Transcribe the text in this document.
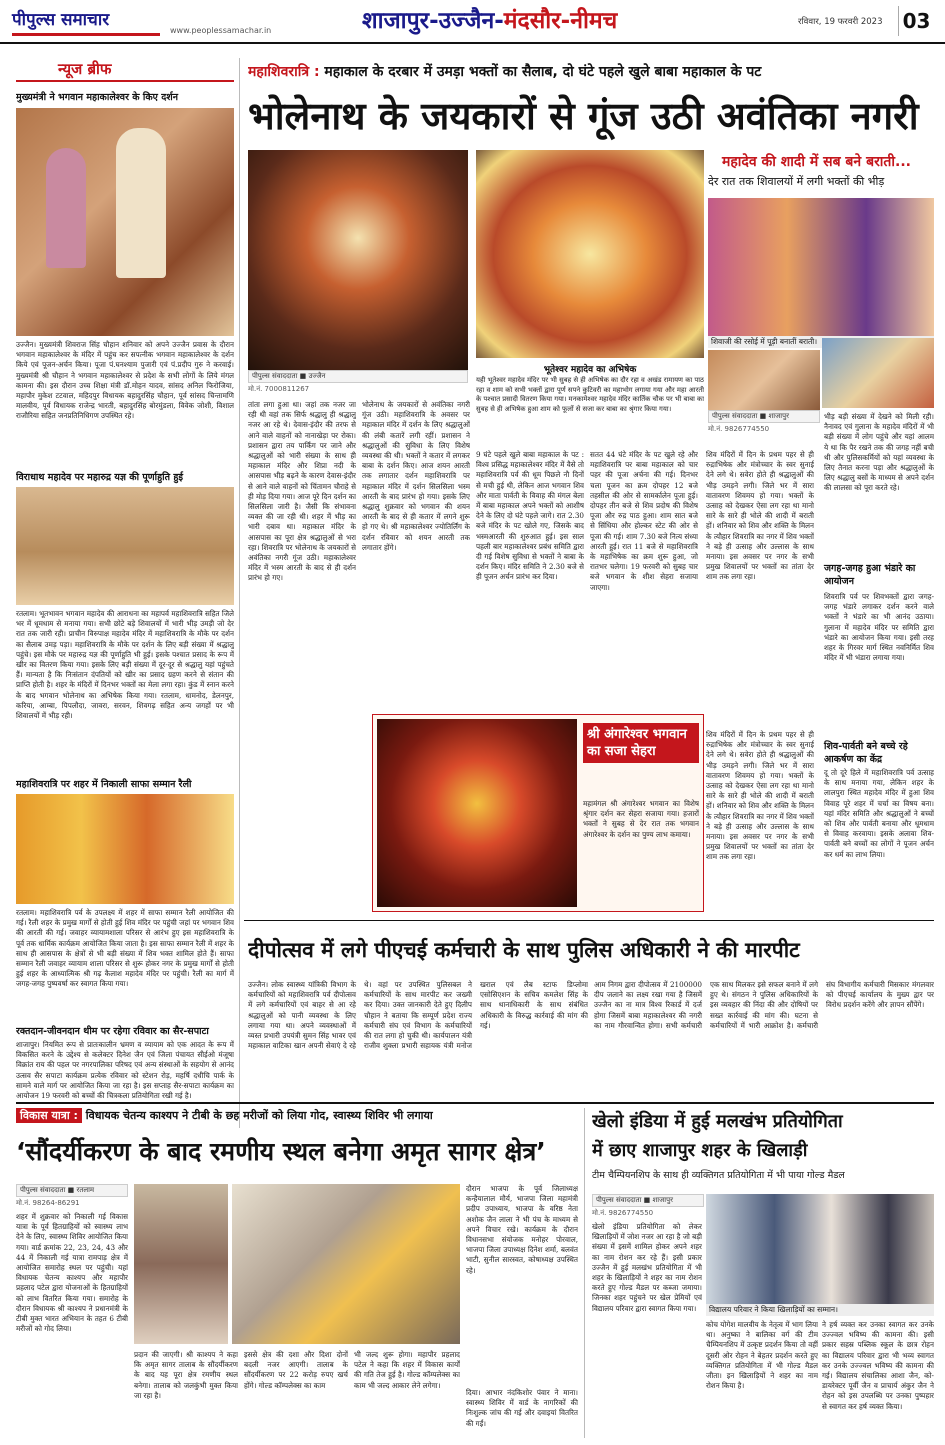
पीपुल्स समाचार
www.peoplessamachar.in	शाजापुर-उज्जैन-मंदसौर-नीमच	रविवार, 19 फरवरी 2023 03
न्यूज ब्रीफ
मुख्यमंत्री ने भगवान महाकालेश्वर के किए दर्शन
उज्जैन। मुख्यमंत्री शिवराज सिंह चौहान शनिवार को अपने उज्जैन प्रवास के दौरान भगवान महाकालेश्वर के मंदिर में पहुंच कर सपत्नीक भगवान महाकालेश्वर के दर्शन किये एवं पूजन-अर्चन किया। पूजा पं.घनश्याम पुजारी एवं पं.प्रदीप गुरु ने करवाई। मुख्यमंत्री श्री चौहान ने भगवान महाकालेश्वर से प्रदेश के सभी लोगों के लिये मंगल कामना की। इस दौरान उच्च शिक्षा मंत्री डॉ.मोहन यादव, सांसद अनिल फिरोजिया, महापौर मुकेश टटवाल, महिदपुर विधायक बहादुरसिंह चौहान, पूर्व सांसद चिन्तामणि मालवीय, पूर्व विधायक राजेन्द्र भारती, बहादुरसिंह बोरमुंडला, विवेक जोशी, विशाल राजौरिया सहित जनप्रतिनिधिगण उपस्थित रहे।
विराधाथ महादेव पर महारुद्र यज्ञ की पूर्णाहुति हुई
रतलाम। भूतभावन भगवान महादेव की आराधना का महापर्व महाशिवरात्रि सहित जिले भर में धूमधाम से मनाया गया। सभी छोटे बड़े शिवालयों में भारी भीड़ उमड़ी जो देर रात तक जारी रही। प्राचीन विरुपाक्ष महादेव मंदिर में महाशिवरात्रि के मौके पर दर्शन का सैलाब उमड़ पड़ा। महाशिवरात्रि के मौके पर दर्शन के लिए बड़ी संख्या में श्रद्धालु पहुंचे। इस मौके पर महारुद्र यज्ञ की पूर्णाहुति भी हुई। इसके पश्चात प्रसाद के रूप में खीर का वितरण किया गया। इसके लिए बड़ी संख्या में दूर-दूर से श्रद्धालु यहां पहुंचते हैं। मान्यता है कि निःसंतान दंपतियों को खीर का प्रसाद ग्रहण करने से संतान की प्राप्ति होती है। शहर के मंदिरों में दिनभर भक्तों का मेला लगा रहा। कुंड में स्नान करने के बाद भगवान भोलेनाथ का अभिषेक किया गया। रतलाम, धामनोद, डेलनपुर, करिया, आम्बा, पिपलौदा, जावरा, सरवन, शिवगढ़ सहित अन्य जगहों पर भी शिवालयों में भीड़ रही।
महाशिवरात्रि पर शहर में निकाली साफा सम्मान रैली
रतलाम। महाशिवरात्रि पर्व के उपलक्ष्य में शहर में साफा सम्मान रैली आयोजित की गई। रैली शहर के प्रमुख मार्गों से होती हुई शिव मंदिर पर पहुंची जहां पर भगवान शिव की आरती की गई। जवाहर व्यायामशाला परिसर से आरंभ हुए इस महाशिवरात्रि के पूर्व तक धार्मिक कार्यक्रम आयोजित किया जाता है। इस साफा सम्मान रैली में शहर के साथ ही आसपास के क्षेत्रों से भी बड़ी संख्या में शिव भक्त शामिल होते हैं। साफा सम्मान रैली जवाहर व्यायाम शाला परिसर से शुरू होकर नगर के प्रमुख मार्गों से होती हुई शहर के आध्यात्मिक श्री गढ़ कैलाश महादेव मंदिर पर पहुंची। रैली का मार्ग में जगह-जगह पुष्पवर्षा कर स्वागत किया गया।
रक्तदान-जीवनदान थीम पर रहेगा रविवार का सैर-सपाटा
शाजापुर। नियमित रूप से प्रातःकालीन भ्रमण व व्यायाम को एक आदत के रूप में विकसित करने के उद्देश्य से कलेक्टर दिनेश जैन एवं जिला पंचायत सीईओ मंजूषा विक्रांत राय की पहल पर नगरपालिका परिषद एवं अन्य संस्थाओं के सहयोग से आनंद उत्सव सैर सपाटा कार्यक्रम प्रत्येक रविवार को स्टेशन रोड़, महर्षि दधीचि पार्क के सामने वाले मार्ग पर आयोजित किया जा रहा है। इस सप्ताह सैर-सपाटा कार्यक्रम का आयोजन 19 फरवरी को बच्चों की चित्रकला प्रतियोगिता रखी गई है।
महाशिवरात्रि : महाकाल के दरबार में उमड़ा भक्तों का सैलाब, दो घंटे पहले खुले बाबा महाकाल के पट
भोलेनाथ के जयकारों से गूंज उठी अवंतिका नगरी
पीपुल्स संवाददाता ■ उज्जैन
मो.नं. 7000811267
भूतेश्वर महादेव का अभिषेक
यही भूतेश्वर महादेव मंदिर पर भी सुबह से ही अभिषेक का दौर रहा व अखंड रामायण का पाठ रहा व शाम को सभी भक्तों द्वारा पूर्ण सपने कुटिवरी का महाभोग लगाया गया और महा आरती के पश्चात प्रसादी वितरण किया गया। मनकामेश्वर महादेव मंदिर कार्तिक चौक पर भी बाबा का सुबह से ही अभिषेक हुआ शाम को फूलों से सजा कर बाबा का श्रृंगार किया गया।
तांता लगा हुआ था। जहां तक नजर जा रही थी वहां तक सिर्फ श्रद्धालु ही श्रद्धालु नजर आ रहे थे। देवास-इंदौर की तरफ से आने वाले वाहनों को नानाखेड़ा पर रोका। प्रशासन द्वारा तय पार्किंग पर जाने और श्रद्धालुओं को भारी संख्या के साथ ही महाकाल मंदिर और शिप्रा नदी के आसपास भीड़ बढ़ने के कारण देवास-इंदौर से आने वाले वाहनों को चिंतामन चौराहे से ही मोड़ दिया गया। आज पूरे दिन दर्शन का सिलसिला जारी है। जैसी कि संभावना व्यक्त की जा रही थी। शहर में भीड़ का भारी दबाव था। महाकाल मंदिर के आसपास का पूरा क्षेत्र श्रद्धालुओं से भरा रहा। शिवरात्रि पर भोलेनाथ के जयकारों से अवंतिका नगरी गूंज उठी। महाकालेश्वर मंदिर में भस्म आरती के बाद से ही दर्शन प्रारंभ हो गए।
भोलेनाथ के जयकारों से अवंतिका नगरी गूंज उठी। महाशिवरात्रि के अवसर पर महाकाल मंदिर में दर्शन के लिए श्रद्धालुओं की लंबी कतारें लगी रहीं। प्रशासन ने श्रद्धालुओं की सुविधा के लिए विशेष व्यवस्था की थी। भक्तों ने कतार में लगकर बाबा के दर्शन किए। आज शयन आरती तक लगातार दर्शन महाशिवरात्रि पर महाकाल मंदिर में दर्शन सिलसिला भस्म आरती के बाद प्रारंभ हो गया। इसके लिए श्रद्धालु शुक्रवार को भगवान की शयन आरती के बाद से ही कतार में लगने शुरू हो गए थे। श्री महाकालेश्वर ज्योतिर्लिंग के दर्शन रविवार को शयन आरती तक लगातार होंगे।
9 घंटे पहले खुले बाबा महाकाल के पट : विश्व प्रसिद्ध महाकालेश्वर मंदिर में वैसे तो महाशिवरात्रि पर्व की धूम पिछले नौ दिनों से मची हुई थी, लेकिन आज भगवान शिव और माता पार्वती के विवाह की मंगल बेला में बाबा महाकाल अपने भक्तों को आशीष देने के लिए दो घंटे पहले जागे। रात 2.30 बजे मंदिर के पट खोले गए, जिसके बाद भस्मआरती की शुरुआत हुई। इस साल पहली बार महाकालेश्वर प्रबंध समिति द्वारा दी गई विशेष सुविधा से भक्तों ने बाबा के दर्शन किए। मंदिर समिति ने 2.30 बजे से ही पूजन अर्चन प्रारंभ कर दिया।
सतत 44 घंटे मंदिर के पट खुले रहे और महाशिवरात्रि पर बाबा महाकाल को चार पहर की पूजा अर्चना की गई। दिनभर चला पूजन का क्रम दोपहर 12 बजे तहसील की ओर से सामर्कालेन पूजा हुई। दोपहर तीन बजे से शिव प्रदोष की विशेष पूजा और रुद्र पाठ हुआ। शाम सात बजे से सिंधिया और होल्कर स्टेट की ओर से पूजा की गई। शाम 7.30 बजे नित्य संध्या आरती हुई। रात 11 बजे से महाशिवरात्रि के महाभिषेक का क्रम शुरू हुआ, जो रातभर चलेगा। 19 फरवरी को सुबह चार बजे भगवान के शीश सेहरा सजाया जाएगा।
शिव मंदिरों में दिन के प्रथम पहर से ही रुद्राभिषेक और मंत्रोच्चार के स्वर सुनाई देने लगे थे। सवेरा होते ही श्रद्धालुओं की भीड़ उमड़ने लगी। जिले भर में सारा वातावरण शिवमय हो गया। भक्तों के उत्साह को देखकर ऐसा लग रहा था मानो सारे के सारे ही भोले की शादी में बराती हों। शनिवार को शिव और शक्ति के मिलन के त्यौहार शिवरात्रि का नगर में शिव भक्तों ने बड़े ही उत्साह और उल्लास के साथ मनाया। इस अवसर पर नगर के सभी प्रमुख शिवालयों पर भक्तों का तांता देर शाम तक लगा रहा।
श्री अंगारेश्वर भगवान का सजा सेहरा
महामंगल श्री अंगारेश्वर भगवान का विशेष श्रृंगार दर्शन कर सेहरा सजाया गया। हजारों भक्तों ने सुबह से देर रात तक भगवान अंगारेश्वर के दर्शन का पुण्य लाभ कमाया।
शिव मंदिरों में दिन के प्रथम पहर से ही रुद्राभिषेक और मंत्रोच्चार के स्वर सुनाई देने लगे थे। सवेरा होते ही श्रद्धालुओं की भीड़ उमड़ने लगी। जिले भर में सारा वातावरण शिवमय हो गया। भक्तों के उत्साह को देखकर ऐसा लग रहा था मानो सारे के सारे ही भोले की शादी में बराती हों। शनिवार को शिव और शक्ति के मिलन के त्यौहार शिवरात्रि का नगर में शिव भक्तों ने बड़े ही उत्साह और उल्लास के साथ मनाया। इस अवसर पर नगर के सभी प्रमुख शिवालयों पर भक्तों का तांता देर शाम तक लगा रहा।
महादेव की शादी में सब बने बराती...
देर रात तक शिवालयों में लगी भक्तों की भीड़
शिवाजी की रसोई में पूड़ी बनातीं बराती।
पीपुल्स संवाददाता ■ शाजापुर
मो.नं. 9826774550
भीड़ बड़ी संख्या में देखने को मिली रही। नैनावद एवं गुलाना के महादेव मंदिरों में भी बड़ी संख्या में लोग पहुंचे और यहां आलम ये था कि पैर रखने तक की जगह नहीं बची थी और पुलिसकर्मियों को यहां व्यवस्था के लिए तैनात करना पड़ा और श्रद्धालुओं के लिए श्रद्धालु बसों के माध्यम से अपने दर्शन की लालसा को पूरा करते रहे।
जगह-जगह हुआ भंडारे का आयोजन
शिवरात्रि पर्व पर शिवभक्तों द्वारा जगह-जगह भंडारे लगाकर दर्शन करने वाले भक्तों ने भंडारे का भी आनंद उठाया। गुलाना में महादेव मंदिर पर समिति द्वारा भंडारे का आयोजन किया गया। इसी तरह शहर के गिरवर मार्ग स्थित नवनिर्मित शिव मंदिर में भी भंडारा लगाया गया।
शिव-पार्वती बने बच्चे रहे आकर्षण का केंद्र
दू तो दूरे हिले में महाशिवरात्रि पर्व उत्साह के साथ मनाया गया, लेकिन शहर के लालपुरा स्थित महादेव मंदिर में हुआ शिव विवाह पूरे शहर में चर्चा का विषय बना। यहां मंदिर समिति और श्रद्धालुओं ने बच्चों को शिव और पार्वती बनाया और धूमधाम से विवाह करवाया। इसके अलावा शिव-पार्वती बने बच्चों का लोगों ने पूजन अर्चन कर धर्म का लाभ लिया।
दीपोत्सव में लगे पीएचई कर्मचारी के साथ पुलिस अधिकारी ने की मारपीट
उज्जैन। लोक स्वास्थ्य यांत्रिकी विभाग के कर्मचारियों को महाशिवरात्रि पर्व दीपोत्सव में लगे कर्मचारियों एवं बाहर से आ रहे श्रद्धालुओं को पानी व्यवस्था के लिए लगाया गया था। अपने व्यवस्थाओं में व्यस्त प्रभारी उपयंत्री सुमन सिंह भावर एवं महाकाल वाटिका खान अपनी सेवाएं दे रहे थे। वहां पर उपस्थित पुलिसबल ने कर्मचारियों के साथ मारपीट कर जख्मी कर दिया। उक्त जानकारी देते हुए दिलीप चौहान ने बताया कि सम्पूर्ण प्रदेश राज्य कर्मचारी संघ एवं विभाग के कर्मचारियों की रात लगा हो चुकी थी। कार्यपालन यंत्री राजीव शुक्ला प्रभारी सहायक यंत्री मनोज खराल एवं लैब स्टाफ डिप्लोमा एसोसिएशन के सचिव कमलेश सिंह के साथ थानाधिकारी के साथ संबंधित अधिकारी के विरुद्ध कार्रवाई की मांग की गई।
आम निगम द्वारा दीपोत्सव में 2100000 दीप जलाने का लक्ष्य रखा गया है जिसमें उज्जैन का ना मात्र विश्व रिकार्ड में दर्ज होगा जिसमें बाबा महाकालेश्वर की नगरी का नाम गौरवान्वित होगा। सभी कर्मचारी एक साथ मिलकर इसे सफल बनाने में लगे हुए थे। संगठन ने पुलिस अधिकारियों के इस व्यवहार की निंदा की और दोषियों पर सख्त कार्रवाई की मांग की। घटना से कर्मचारियों में भारी आक्रोश है। कर्मचारी संघ विभागीय कर्मचारी मिसकार मंगलवार को पीएचई कार्यालय के मुख्य द्वार पर विरोध प्रदर्शन करेंगे और ज्ञापन सौंपेंगे।
विकास यात्रा : विधायक चेतन्य काश्यप ने टीबी के छह मरीजों को लिया गोद, स्वास्थ्य शिविर भी लगाया
‘सौंदर्यीकरण के बाद रमणीय स्थल बनेगा अमृत सागर क्षेत्र’
पीपुल्स संवाददाता ■ रतलाम
मो.नं. 98264-86291
शहर में शुक्रवार को निकाली गई विकास यात्रा के पूर्व हितग्राहियों को स्वास्थ्य लाभ देने के लिए, स्वास्थ्य शिविर आयोजित किया गया। वार्ड क्रमांक 22, 23, 24, 43 और 44 में निकाली गई यात्रा रामपाड़ क्षेत्र में आयोजित समारोह स्थल पर पहुंची। यहां विधायक चेतन्य काश्यप और महापौर प्रहलाद पटेल द्वारा योजनाओं के हितग्राहियों को लाभ वितरित किया गया। समारोह के दौरान विधायक श्री काश्यप ने प्रधानमंत्री के टीबी मुक्त भारत अभियान के तहत 6 टीबी मरीजों को गोद लिया।
प्रदान की जाएगी। श्री काश्यप ने कहा कि अमृत सागर तालाब के सौंदर्यीकरण के बाद यह पूरा क्षेत्र रमणीय स्थल बनेगा। तालाब को जलकुंभी मुक्त किया जा रहा है।
इससे क्षेत्र की दशा और दिशा दोनों बदली नजर आएगी। तालाब के सौंदर्यीकरण पर 22 करोड़ रुपए खर्च होंगे। गोल्ड कॉम्पलेक्स का काम
भी जल्द शुरू होगा। महापौर प्रहलाद पटेल ने कहा कि शहर में विकास कार्यों की गति तेज हुई है। गोल्ड कॉम्पलेक्स का काम भी जल्द आकार लेने लगेगा।
दौरान भाजपा के पूर्व जिलाध्यक्ष कन्हैयालाल मौर्य, भाजपा जिला महामंत्री प्रदीप उपाध्याय, भाजपा के वरिष्ठ नेता अशोक जैन लाला ने भी पंच के माध्यम से अपने विचार रखे। कार्यक्रम के दौरान विधानसभा संयोजक मनोहर पोरवाल, भाजपा जिला उपाध्यक्ष दिनेश शर्मा, बलवंत भाटी, सुनील सारस्वत, कोषाध्यक्ष उपस्थित रहे।
दिया। आभार नंदकिशोर पंवार ने माना। स्वास्थ्य शिविर में वार्ड के नागरिकों की निःशुल्क जांच की गई और दवाइयां वितरित की गईं।
खेलो इंडिया में हुई मलखंभ प्रतियोगिता
में छाए शाजापुर शहर के खिलाड़ी
टीम चैम्पियनशिप के साथ ही व्यक्तिगत प्रतियोगिता में भी पाया गोल्ड मैडल
पीपुल्स संवाददाता ■ शाजापुर
मो.नं. 9826774550
खेलो इंडिया प्रतियोगिता को लेकर खिलाड़ियों में जोश नजर आ रहा है जो बड़ी संख्या में इसमें शामिल होकर अपने शहर का नाम रोशन कर रहे हैं। इसी प्रकार उज्जैन में हुई मलखंभ प्रतियोगिता में भी शहर के खिलाड़ियों ने शहर का नाम रोशन करते हुए गोल्ड मैडल पर कब्जा जमाया। जिनका शहर पहुंचने पर खेल प्रेमियों एवं विद्यालय परिवार द्वारा स्वागत किया गया।	विद्यालय परिवार ने किया खिलाड़ियों का सम्मान।
कोच योगेश मालवीय के नेतृत्व में भाग लिया था। अनुष्का ने बालिका वर्ग की टीम चैम्पियनशिप में उत्कृष्ट प्रदर्शन किया तो वहीं दूसरी ओर रोहन ने बेहतर प्रदर्शन करते हुए व्यक्तिगत प्रतियोगिता में भी गोल्ड मैडल जीता। इन खिलाड़ियों ने शहर का नाम रोशन किया है।
ने हर्ष व्यक्त कर उनका स्वागत कर उनके उज्ज्वल भविष्य की कामना की। इसी प्रकार सहस्र पब्लिक स्कूल के छात्र रोहन का विद्यालय परिवार द्वारा भी भव्य स्वागत कर उनके उज्ज्वल भविष्य की कामना की गई। विद्यालय संचालिका आशा जैन, को-डायरेक्टर पूर्वी जैन व प्राचार्य अंकुर जैन ने रोहन को इस उपलब्धि पर उनका पुष्पहार से स्वागत कर हर्ष व्यक्त किया।
